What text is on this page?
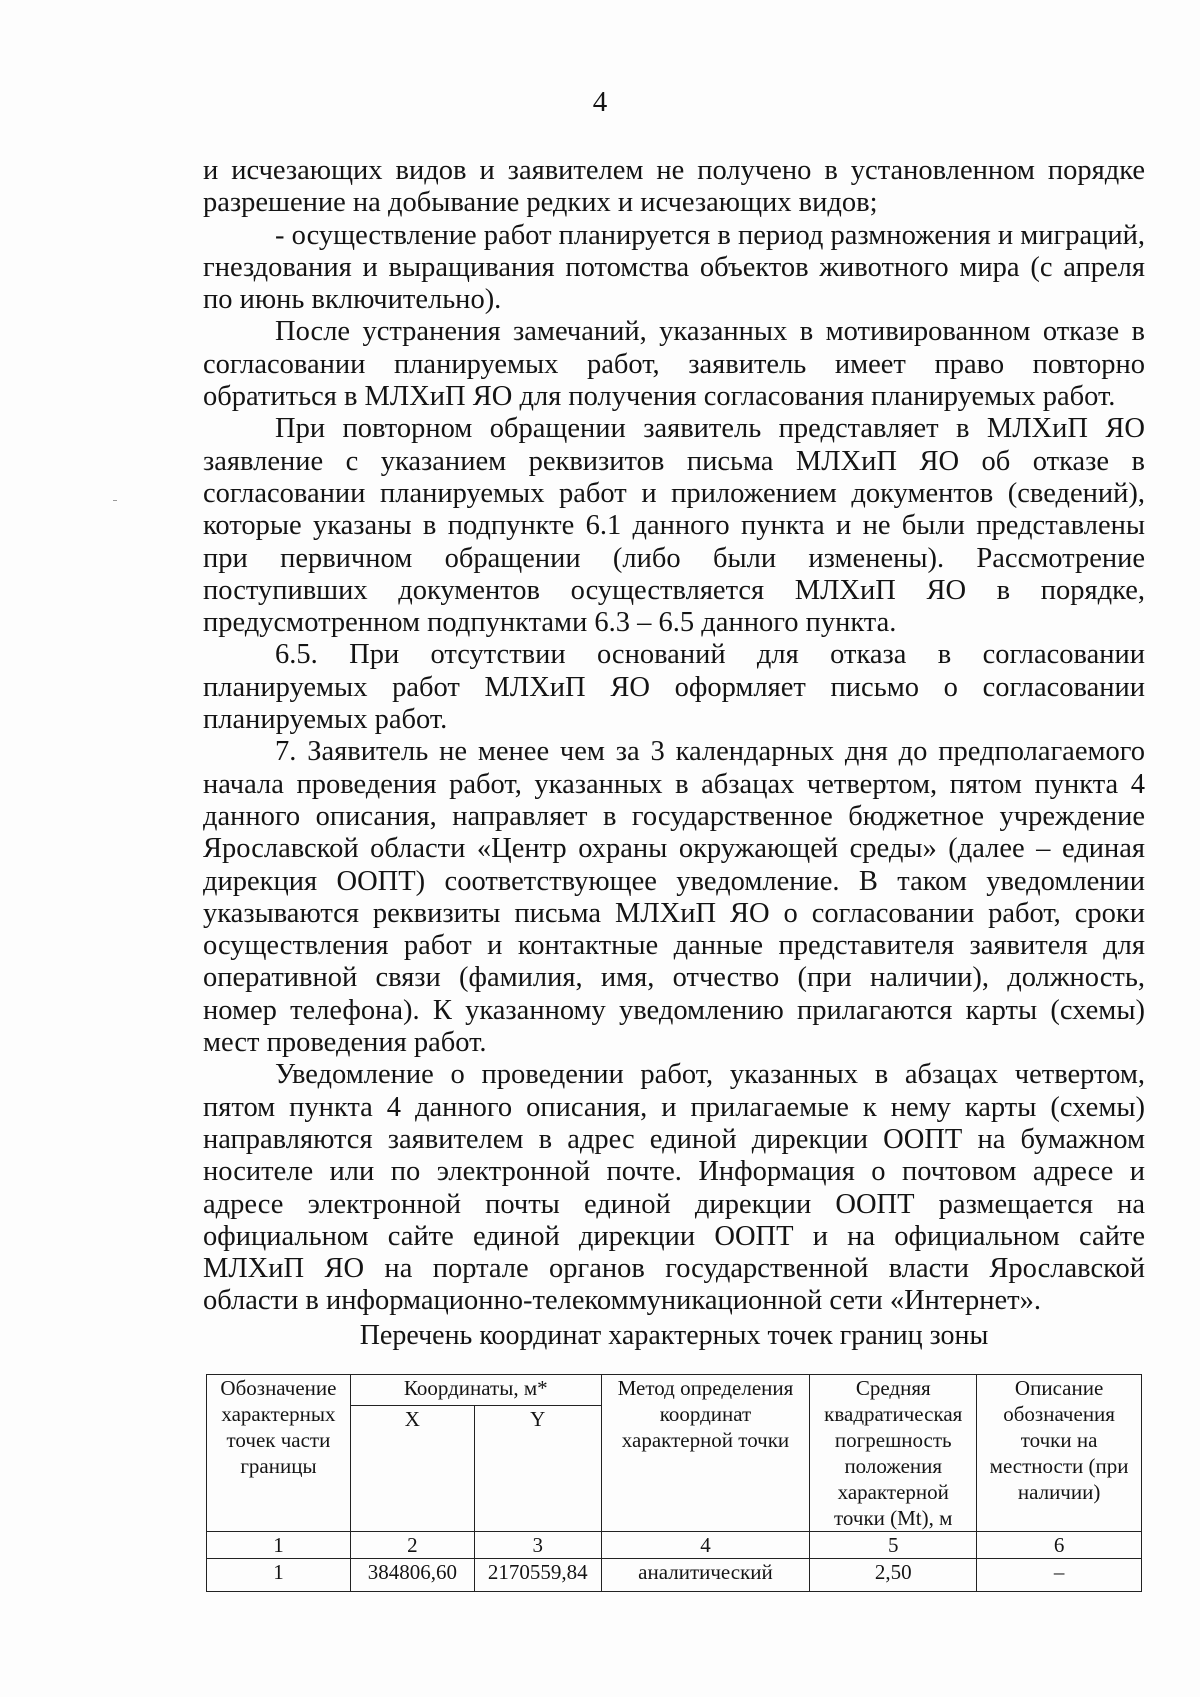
4

и исчезающих видов и заявителем не получено в установленном порядке разрешение на добывание редких и исчезающих видов;

- осуществление работ планируется в период размножения и миграций, гнездования и выращивания потомства объектов животного мира (с апреля по июнь включительно).

После устранения замечаний, указанных в мотивированном отказе в согласовании планируемых работ, заявитель имеет право повторно обратиться в МЛХиП ЯО для получения согласования планируемых работ.

При повторном обращении заявитель представляет в МЛХиП ЯО заявление с указанием реквизитов письма МЛХиП ЯО об отказе в согласовании планируемых работ и приложением документов (сведений), которые указаны в подпункте 6.1 данного пункта и не были представлены при первичном обращении (либо были изменены). Рассмотрение поступивших документов осуществляется МЛХиП ЯО в порядке, предусмотренном подпунктами 6.3 – 6.5 данного пункта.

6.5. При отсутствии оснований для отказа в согласовании планируемых работ МЛХиП ЯО оформляет письмо о согласовании планируемых работ.

7. Заявитель не менее чем за 3 календарных дня до предполагаемого начала проведения работ, указанных в абзацах четвертом, пятом пункта 4 данного описания, направляет в государственное бюджетное учреждение Ярославской области «Центр охраны окружающей среды» (далее – единая дирекция ООПТ) соответствующее уведомление. В таком уведомлении указываются реквизиты письма МЛХиП ЯО о согласовании работ, сроки осуществления работ и контактные данные представителя заявителя для оперативной связи (фамилия, имя, отчество (при наличии), должность, номер телефона). К указанному уведомлению прилагаются карты (схемы) мест проведения работ.

Уведомление о проведении работ, указанных в абзацах четвертом, пятом пункта 4 данного описания, и прилагаемые к нему карты (схемы) направляются заявителем в адрес единой дирекции ООПТ на бумажном носителе или по электронной почте. Информация о почтовом адресе и адресе электронной почты единой дирекции ООПТ размещается на официальном сайте единой дирекции ООПТ и на официальном сайте МЛХиП ЯО на портале органов государственной власти Ярославской области в информационно-телекоммуникационной сети «Интернет».

Перечень координат характерных точек границ зоны
Обозначение характерных точек части границы	Координаты, м*		Метод определения координат характерной точки	Средняя квадратическая погрешность положения характерной точки (Mt), м	Описание обозначения точки на местности (при наличии)
	X	Y			
1	2	3	4	5	6
1	384806,60	2170559,84	аналитический	2,50	–
